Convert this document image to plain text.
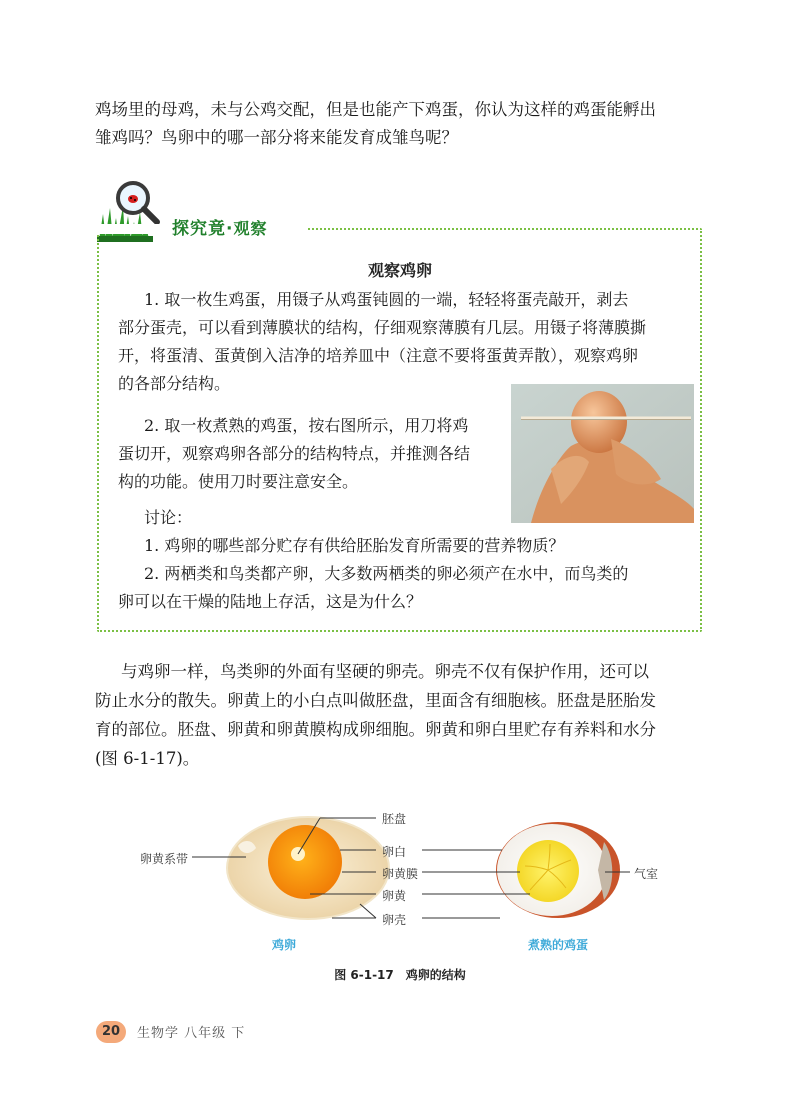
鸡场里的母鸡，未与公鸡交配，但是也能产下鸡蛋，你认为这样的鸡蛋能孵出
雏鸡吗？鸟卵中的哪一部分将来能发育成雏鸟呢？
探究竟·观察
观察鸡卵
1. 取一枚生鸡蛋，用镊子从鸡蛋钝圆的一端，轻轻将蛋壳敲开，剥去
部分蛋壳，可以看到薄膜状的结构，仔细观察薄膜有几层。用镊子将薄膜撕
开，将蛋清、蛋黄倒入洁净的培养皿中（注意不要将蛋黄弄散），观察鸡卵
的各部分结构。
2. 取一枚煮熟的鸡蛋，按右图所示，用刀将鸡
蛋切开，观察鸡卵各部分的结构特点，并推测各结
构的功能。使用刀时要注意安全。
讨论：
1. 鸡卵的哪些部分贮存有供给胚胎发育所需要的营养物质？
2. 两栖类和鸟类都产卵，大多数两栖类的卵必须产在水中，而鸟类的
卵可以在干燥的陆地上存活，这是为什么？
与鸡卵一样，鸟类卵的外面有坚硬的卵壳。卵壳不仅有保护作用，还可以
防止水分的散失。卵黄上的小白点叫做胚盘，里面含有细胞核。胚盘是胚胎发
育的部位。胚盘、卵黄和卵黄膜构成卵细胞。卵黄和卵白里贮存有养料和水分
(图 6-1-17)。
卵黄系带
胚盘
卵白
卵黄膜
卵黄
卵壳
气室
鸡卵	煮熟的鸡蛋
图 6-1-17　鸡卵的结构
20	生物学 八年级 下
